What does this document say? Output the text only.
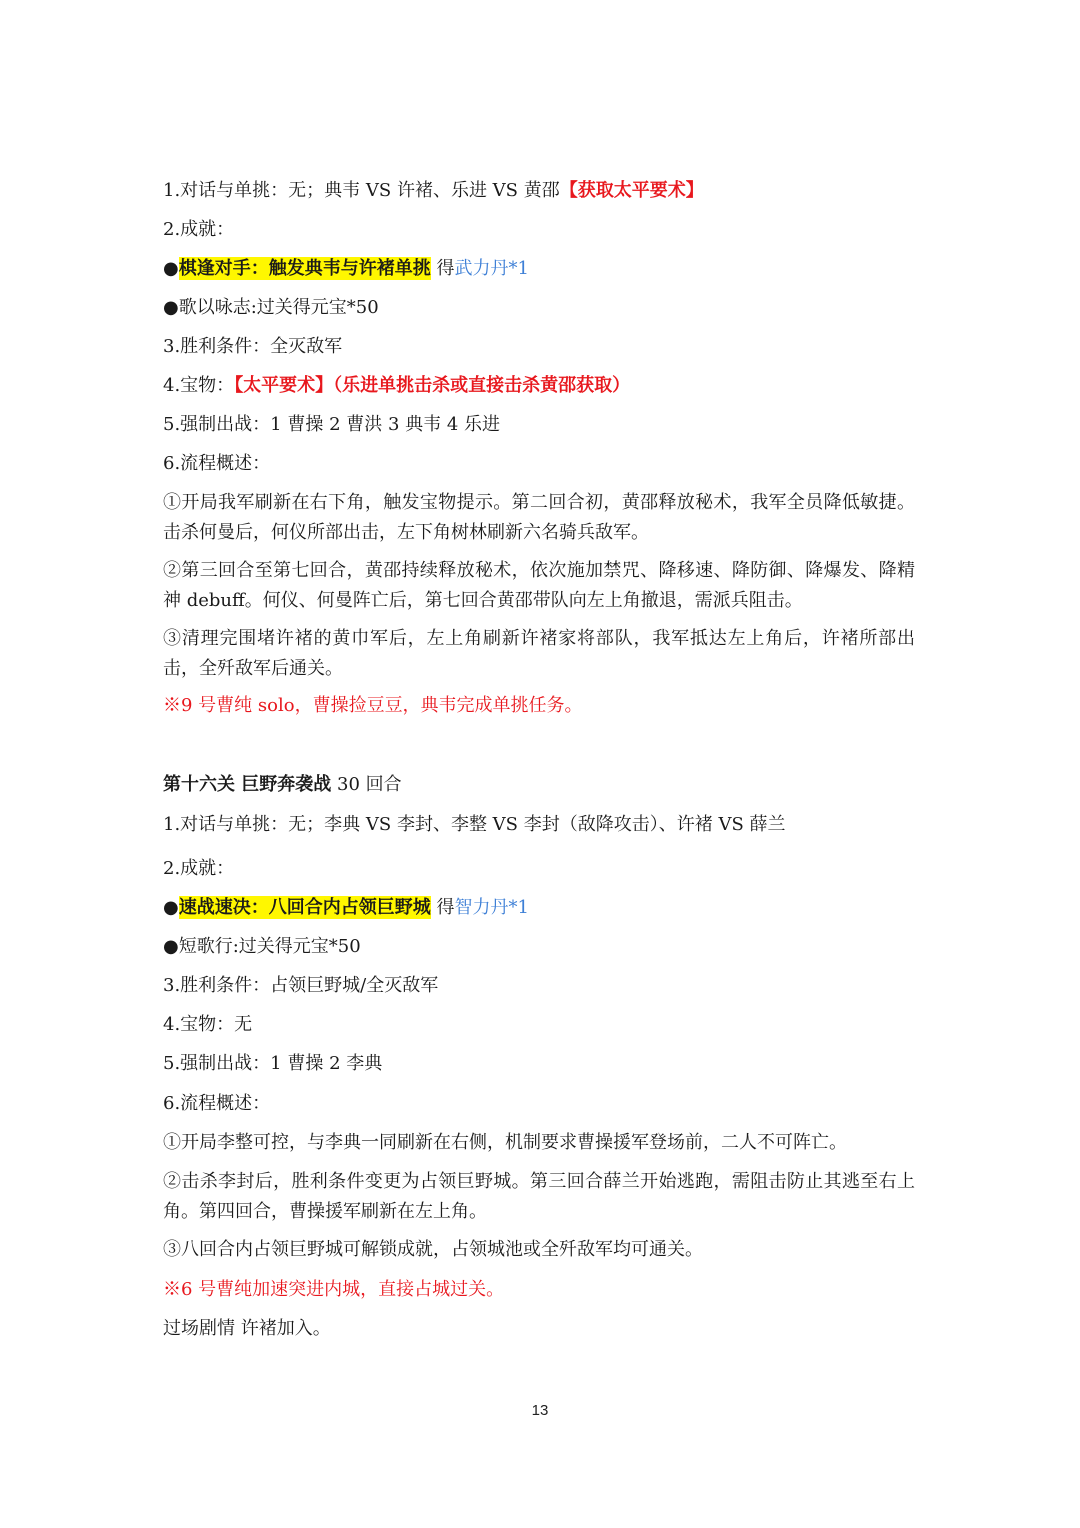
1.对话与单挑：无；典韦 VS 许褚、乐进 VS 黄邵【获取太平要术】
2.成就：
●棋逢对手：触发典韦与许褚单挑 得武力丹*1
●歌以咏志:过关得元宝*50
3.胜利条件：全灭敌军
4.宝物：【太平要术】（乐进单挑击杀或直接击杀黄邵获取）
5.强制出战：1 曹操 2 曹洪 3 典韦 4 乐进
6.流程概述：
①开局我军刷新在右下角，触发宝物提示。第二回合初，黄邵释放秘术，我军全员降低敏捷。击杀何曼后，何仪所部出击，左下角树林刷新六名骑兵敌军。
②第三回合至第七回合，黄邵持续释放秘术，依次施加禁咒、降移速、降防御、降爆发、降精神 debuff。何仪、何曼阵亡后，第七回合黄邵带队向左上角撤退，需派兵阻击。
③清理完围堵许褚的黄巾军后，左上角刷新许褚家将部队，我军抵达左上角后，许褚所部出击，全歼敌军后通关。
※9 号曹纯 solo，曹操捡豆豆，典韦完成单挑任务。
第十六关 巨野奔袭战 30 回合
1.对话与单挑：无；李典 VS 李封、李整 VS 李封（敌降攻击）、许褚 VS 薛兰
2.成就：
●速战速决：八回合内占领巨野城 得智力丹*1
●短歌行:过关得元宝*50
3.胜利条件：占领巨野城/全灭敌军
4.宝物：无
5.强制出战：1 曹操 2 李典
6.流程概述：
①开局李整可控，与李典一同刷新在右侧，机制要求曹操援军登场前，二人不可阵亡。
②击杀李封后，胜利条件变更为占领巨野城。第三回合薛兰开始逃跑，需阻击防止其逃至右上角。第四回合，曹操援军刷新在左上角。
③八回合内占领巨野城可解锁成就，占领城池或全歼敌军均可通关。
※6 号曹纯加速突进内城，直接占城过关。
过场剧情 许褚加入。
13
